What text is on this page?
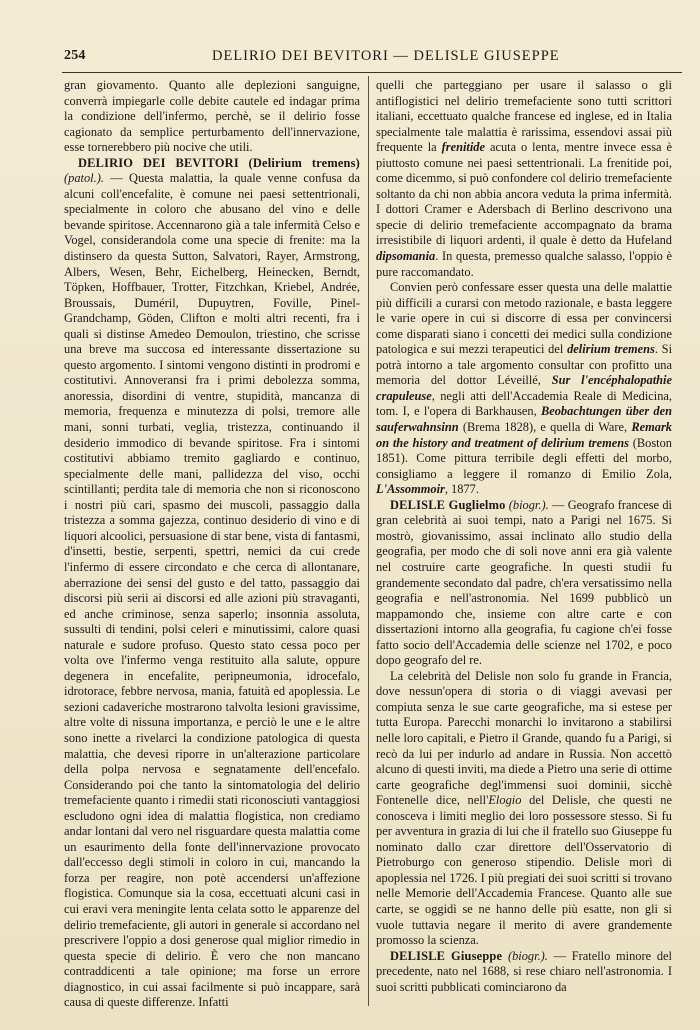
254	DELIRIO DEI BEVITORI — DELISLE GIUSEPPE

gran giovamento. Quanto alle deplezioni sanguigne, converrà impiegarle colle debite cautele ed indagar prima la condizione dell'infermo, perchè, se il delirio fosse cagionato da semplice perturbamento dell'innervazione, esse tornerebbero più nocive che utili.

DELIRIO DEI BEVITORI (Delirium tremens) (patol.). — Questa malattia, la quale venne confusa da alcuni coll'encefalite, è comune nei paesi settentrionali, specialmente in coloro che abusano del vino e delle bevande spiritose. Accennarono già a tale infermità Celso e Vogel, considerandola come una specie di frenite: ma la distinsero da questa Sutton, Salvatori, Rayer, Armstrong, Albers, Wesen, Behr, Eichelberg, Heinecken, Berndt, Töpken, Hoffbauer, Trotter, Fitzchkan, Kriebel, Andrée, Broussais, Duméril, Dupuytren, Foville, Pinel-Grandchamp, Göden, Clifton e molti altri recenti, fra i quali si distinse Amedeo Demoulon, triestino, che scrisse una breve ma succosa ed interessante dissertazione su questo argomento. I sintomi vengono distinti in prodromi e costitutivi. Annoveransi fra i primi debolezza somma, anoressia, disordini di ventre, stupidità, mancanza di memoria, frequenza e minutezza di polsi, tremore alle mani, sonni turbati, veglia, tristezza, continuando il desiderio immodico di bevande spiritose. Fra i sintomi costitutivi abbiamo tremito gagliardo e continuo, specialmente delle mani, pallidezza del viso, occhi scintillanti; perdita tale di memoria che non si riconoscono i nostri più cari, spasmo dei muscoli, passaggio dalla tristezza a somma gajezza, continuo desiderio di vino e di liquori alcoolici, persuasione di star bene, vista di fantasmi, d'insetti, bestie, serpenti, spettri, nemici da cui crede l'infermo di essere circondato e che cerca di allontanare, aberrazione dei sensi del gusto e del tatto, passaggio dai discorsi più serii ai discorsi ed alle azioni più stravaganti, ed anche criminose, senza saperlo; insonnia assoluta, sussulti di tendini, polsi celeri e minutissimi, calore quasi naturale e sudore profuso. Questo stato cessa poco per volta ove l'infermo venga restituito alla salute, oppure degenera in encefalite, peripneumonia, idrocefalo, idrotorace, febbre nervosa, mania, fatuità ed apoplessia. Le sezioni cadaveriche mostrarono talvolta lesioni gravissime, altre volte di nissuna importanza, e perciò le une e le altre sono inette a rivelarci la condizione patologica di questa malattia, che devesi riporre in un'alterazione particolare della polpa nervosa e segnatamente dell'encefalo. Considerando poi che tanto la sintomatologia del delirio tremefaciente quanto i rimedii stati riconosciuti vantaggiosi escludono ogni idea di malattia flogistica, non crediamo andar lontani dal vero nel risguardare questa malattia come un esaurimento della fonte dell'innervazione provocato dall'eccesso degli stimoli in coloro in cui, mancando la forza per reagire, non potè accendersi un'affezione flogistica. Comunque sia la cosa, eccettuati alcuni casi in cui eravi vera meningite lenta celata sotto le apparenze del delirio tremefaciente, gli autori in generale si accordano nel prescrivere l'oppio a dosi generose qual miglior rimedio in questa specie di delirio. È vero che non mancano contraddicenti a tale opinione; ma forse un errore diagnostico, in cui assai facilmente si può incappare, sarà causa di queste differenze. Infatti

quelli che parteggiano per usare il salasso o gli antiflogistici nel delirio tremefaciente sono tutti scrittori italiani, eccettuato qualche francese ed inglese, ed in Italia specialmente tale malattia è rarissima, essendovi assai più frequente la frenitide acuta o lenta, mentre invece essa è piuttosto comune nei paesi settentrionali. La frenitide poi, come dicemmo, si può confondere col delirio tremefaciente soltanto da chi non abbia ancora veduta la prima infermità. I dottori Cramer e Adersbach di Berlino descrivono una specie di delirio tremefaciente accompagnato da brama irresistibile di liquori ardenti, il quale è detto da Hufeland dipsomania. In questa, premesso qualche salasso, l'oppio è pure raccomandato.

Convien però confessare esser questa una delle malattie più difficili a curarsi con metodo razionale, e basta leggere le varie opere in cui si discorre di essa per convincersi come disparati siano i concetti dei medici sulla condizione patologica e sui mezzi terapeutici del delirium tremens. Si potrà intorno a tale argomento consultar con profitto una memoria del dottor Léveillé, Sur l'encéphalopathie crapuleuse, negli atti dell'Accademia Reale di Medicina, tom. I, e l'opera di Barkhausen, Beobachtungen über den sauferwahnsinn (Brema 1828), e quella di Ware, Remark on the history and treatment of delirium tremens (Boston 1851). Come pittura terribile degli effetti del morbo, consigliamo a leggere il romanzo di Emilio Zola, L'Assommoir, 1877.

DELISLE Guglielmo (biogr.). — Geografo francese di gran celebrità ai suoi tempi, nato a Parigi nel 1675. Si mostrò, giovanissimo, assai inclinato allo studio della geografia, per modo che di soli nove anni era già valente nel costruire carte geografiche. In questi studii fu grandemente secondato dal padre, ch'era versatissimo nella geografia e nell'astronomia. Nel 1699 pubblicò un mappamondo che, insieme con altre carte e con dissertazioni intorno alla geografia, fu cagione ch'ei fosse fatto socio dell'Accademia delle scienze nel 1702, e poco dopo geografo del re.

La celebrità del Delisle non solo fu grande in Francia, dove nessun'opera di storia o di viaggi avevasi per compiuta senza le sue carte geografiche, ma si estese per tutta Europa. Parecchi monarchi lo invitarono a stabilirsi nelle loro capitali, e Pietro il Grande, quando fu a Parigi, si recò da lui per indurlo ad andare in Russia. Non accettò alcuno di questi inviti, ma diede a Pietro una serie di ottime carte geografiche degl'immensi suoi dominii, sicchè Fontenelle dice, nell'Elogio del Delisle, che questi ne conosceva i limiti meglio dei loro possessore stesso. Si fu per avventura in grazia di lui che il fratello suo Giuseppe fu nominato dallo czar direttore dell'Osservatorio di Pietroburgo con generoso stipendio. Delisle morì di apoplessia nel 1726. I più pregiati dei suoi scritti si trovano nelle Memorie dell'Accademia Francese. Quanto alle sue carte, se oggidì se ne hanno delle più esatte, non gli si vuole tuttavia negare il merito di avere grandemente promosso la scienza.

DELISLE Giuseppe (biogr.). — Fratello minore del precedente, nato nel 1688, si rese chiaro nell'astronomia. I suoi scritti pubblicati cominciarono da
